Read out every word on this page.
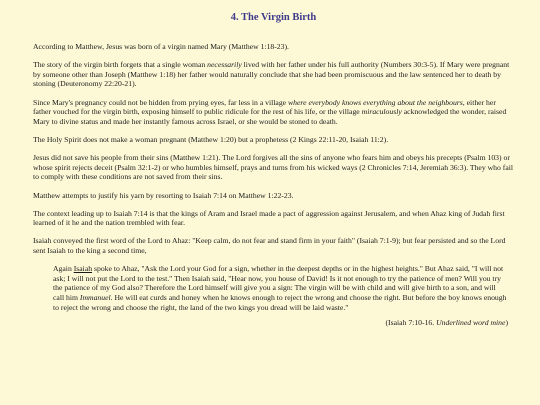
4. The Virgin Birth

According to Matthew, Jesus was born of a virgin named Mary (Matthew 1:18-23).

The story of the virgin birth forgets that a single woman necessarily lived with her father under his full authority (Numbers 30:3-5). If Mary were pregnant by someone other than Joseph (Matthew 1:18) her father would naturally conclude that she had been promiscuous and the law sentenced her to death by stoning (Deuteronomy 22:20-21).

Since Mary's pregnancy could not be hidden from prying eyes, far less in a village where everybody knows everything about the neighbours, either her father vouched for the virgin birth, exposing himself to public ridicule for the rest of his life, or the village miraculously acknowledged the wonder, raised Mary to divine status and made her instantly famous across Israel, or she would be stoned to death.

The Holy Spirit does not make a woman pregnant (Matthew 1:20) but a prophetess (2 Kings 22:11-20, Isaiah 11:2).

Jesus did not save his people from their sins (Matthew 1:21). The Lord forgives all the sins of anyone who fears him and obeys his precepts (Psalm 103) or whose spirit rejects deceit (Psalm 32:1-2) or who humbles himself, prays and turns from his wicked ways (2 Chronicles 7:14, Jeremiah 36:3). They who fail to comply with these conditions are not saved from their sins.

Matthew attempts to justify his yarn by resorting to Isaiah 7:14 on Matthew 1:22-23.

The context leading up to Isaiah 7:14 is that the kings of Aram and Israel made a pact of aggression against Jerusalem, and when Ahaz king of Judah first learned of it he and the nation trembled with fear.

Isaiah conveyed the first word of the Lord to Ahaz: "Keep calm, do not fear and stand firm in your faith" (Isaiah 7:1-9); but fear persisted and so the Lord sent Isaiah to the king a second time,

Again Isaiah spoke to Ahaz, "Ask the Lord your God for a sign, whether in the deepest depths or in the highest heights." But Ahaz said, "I will not ask; I will not put the Lord to the test." Then Isaiah said, "Hear now, you house of David! Is it not enough to try the patience of men? Will you try the patience of my God also? Therefore the Lord himself will give you a sign: The virgin will be with child and will give birth to a son, and will call him Immanuel. He will eat curds and honey when he knows enough to reject the wrong and choose the right. But before the boy knows enough to reject the wrong and choose the right, the land of the two kings you dread will be laid waste."
(Isaiah 7:10-16. Underlined word mine)
